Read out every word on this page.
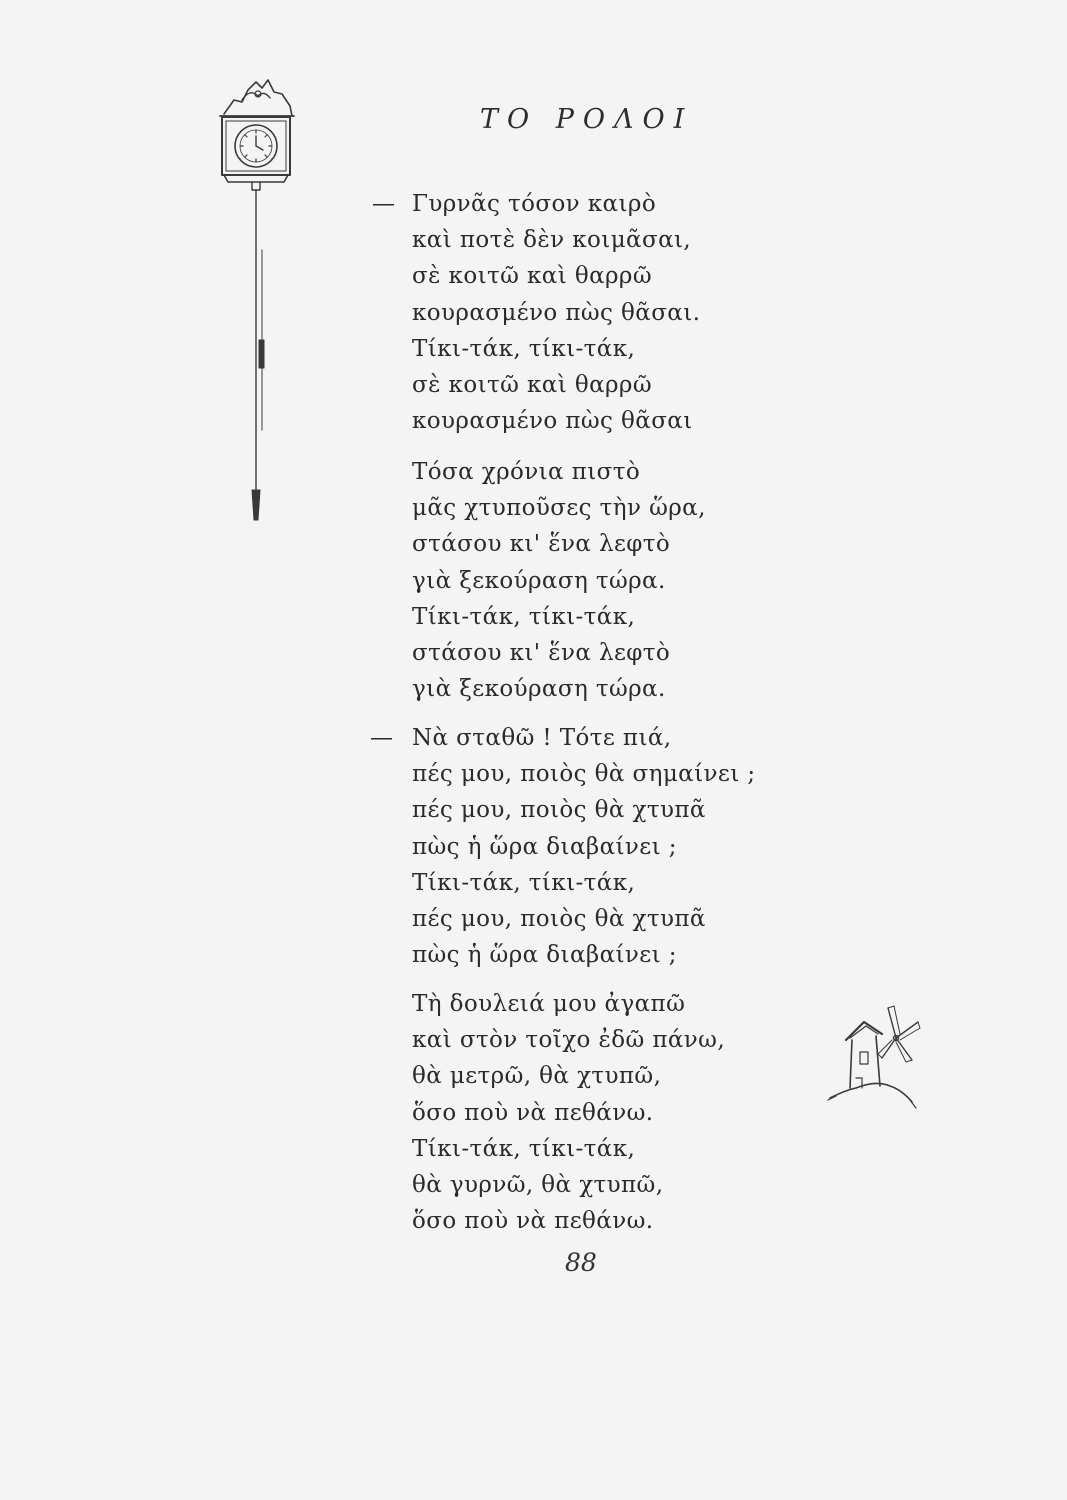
ΤΟ ΡΟΛΟΙ
— Γυρνᾶς τόσον καιρὸ
καὶ ποτὲ δὲν κοιμᾶσαι,
σὲ κοιτῶ καὶ θαρρῶ
κουρασμένο πὼς θᾶσαι.
Τίκι-τάκ, τίκι-τάκ,
σὲ κοιτῶ καὶ θαρρῶ
κουρασμένο πὼς θᾶσαι
Τόσα χρόνια πιστὸ
μᾶς χτυποῦσες τὴν ὥρα,
στάσου κι' ἕνα λεφτὸ
γιὰ ξεκούραση τώρα.
Τίκι-τάκ, τίκι-τάκ,
στάσου κι' ἕνα λεφτὸ
γιὰ ξεκούραση τώρα.
— Νὰ σταθῶ ! Τότε πιά,
πές μου, ποιὸς θὰ σημαίνει ;
πές μου, ποιὸς θὰ χτυπᾶ
πὼς ἡ ὥρα διαβαίνει ;
Τίκι-τάκ, τίκι-τάκ,
πές μου, ποιὸς θὰ χτυπᾶ
πὼς ἡ ὥρα διαβαίνει ;
Τὴ δουλειά μου ἀγαπῶ
καὶ στὸν τοῖχο ἐδῶ πάνω,
θὰ μετρῶ, θὰ χτυπῶ,
ὅσο ποὺ νὰ πεθάνω.
Τίκι-τάκ, τίκι-τάκ,
θὰ γυρνῶ, θὰ χτυπῶ,
ὅσο ποὺ νὰ πεθάνω.
88
